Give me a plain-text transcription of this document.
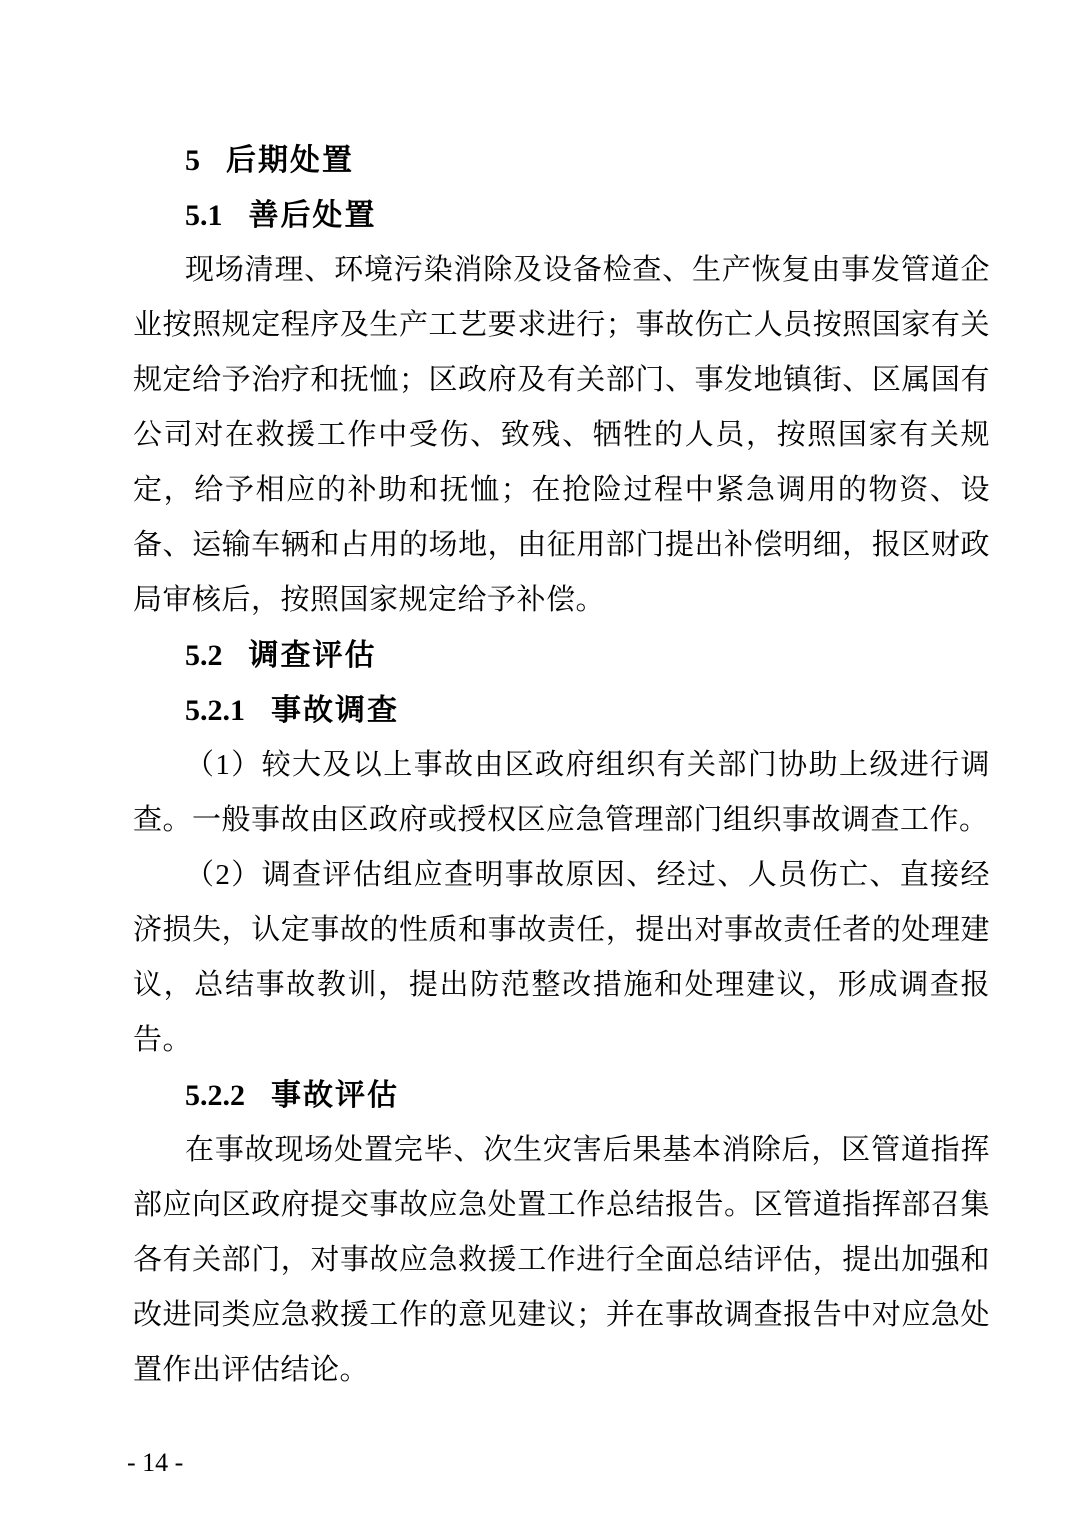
5 后期处置
5.1 善后处置

现场清理、环境污染消除及设备检查、生产恢复由事发管道企业按照规定程序及生产工艺要求进行；事故伤亡人员按照国家有关规定给予治疗和抚恤；区政府及有关部门、事发地镇街、区属国有公司对在救援工作中受伤、致残、牺牲的人员，按照国家有关规定，给予相应的补助和抚恤；在抢险过程中紧急调用的物资、设备、运输车辆和占用的场地，由征用部门提出补偿明细，报区财政局审核后，按照国家规定给予补偿。

5.2 调查评估
5.2.1 事故调查

（1）较大及以上事故由区政府组织有关部门协助上级进行调查。一般事故由区政府或授权区应急管理部门组织事故调查工作。

（2）调查评估组应查明事故原因、经过、人员伤亡、直接经济损失，认定事故的性质和事故责任，提出对事故责任者的处理建议，总结事故教训，提出防范整改措施和处理建议，形成调查报告。

5.2.2 事故评估

在事故现场处置完毕、次生灾害后果基本消除后，区管道指挥部应向区政府提交事故应急处置工作总结报告。区管道指挥部召集各有关部门，对事故应急救援工作进行全面总结评估，提出加强和改进同类应急救援工作的意见建议；并在事故调查报告中对应急处置作出评估结论。

- 14 -
